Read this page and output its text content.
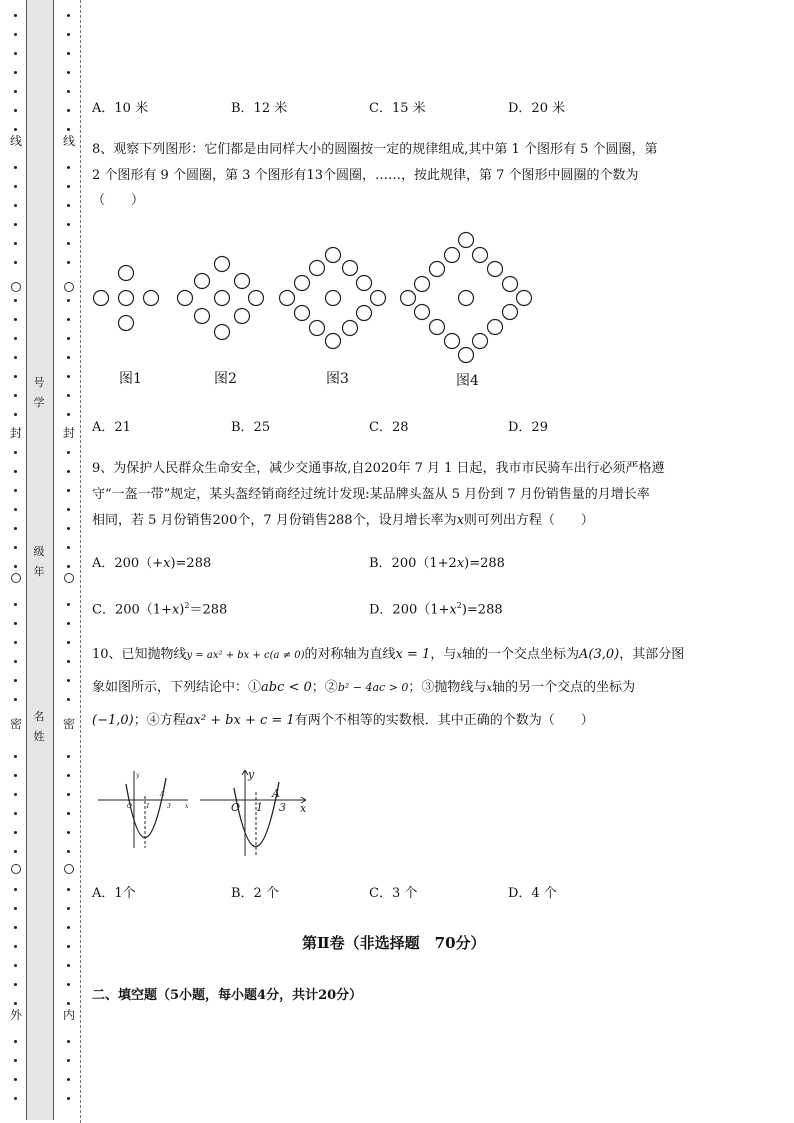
线
封
密
外
线
封
密
内
号
学
级
年
名
姓
A．10 米	B．12 米	C．15 米	D．20 米
8、观察下列图形：它们都是由同样大小的圆圈按一定的规律组成,其中第 1 个图形有 5 个圆圈，第
2 个图形有 9 个圆圈，第 3 个图形有13个圆圈，……，按此规律，第 7 个图形中圆圈的个数为
（　　）
图1	图2	图3	图4
A．21	B．25	C．28	D．29
9、为保护人民群众生命安全，减少交通事故,自2020年 7 月 1 日起，我市市民骑车出行必须严格遵
守“一盔一带”规定，某头盔经销商经过统计发现:某品牌头盔从 5 月份到 7 月份销售量的月增长率
相同，若 5 月份销售200个，7 月份销售288个，设月增长率为x则可列出方程（　　）
A．200（+x)=288	B．200（1+2x)=288
C．200（1+x)$^2$＝288	D．$200(1+x^2)=288$
10、已知抛物线y = ax² + bx + c(a ≠ 0)的对称轴为直线x = 1，与x轴的一个交点坐标为A(3,0)，其部分图
象如图所示，下列结论中：①abc < 0；②b² − 4ac > 0；③抛物线与x轴的另一个交点的坐标为
(−1,0)；④方程ax² + bx + c = 1有两个不相等的实数根．其中正确的个数为（　　）
y
x
O 1	3
A
y
x
O 1 3
A
A．1个	B．2 个	C．3 个	D．4 个
第Ⅱ卷（非选择题　70分）
二、填空题（5小题，每小题4分，共计20分）
